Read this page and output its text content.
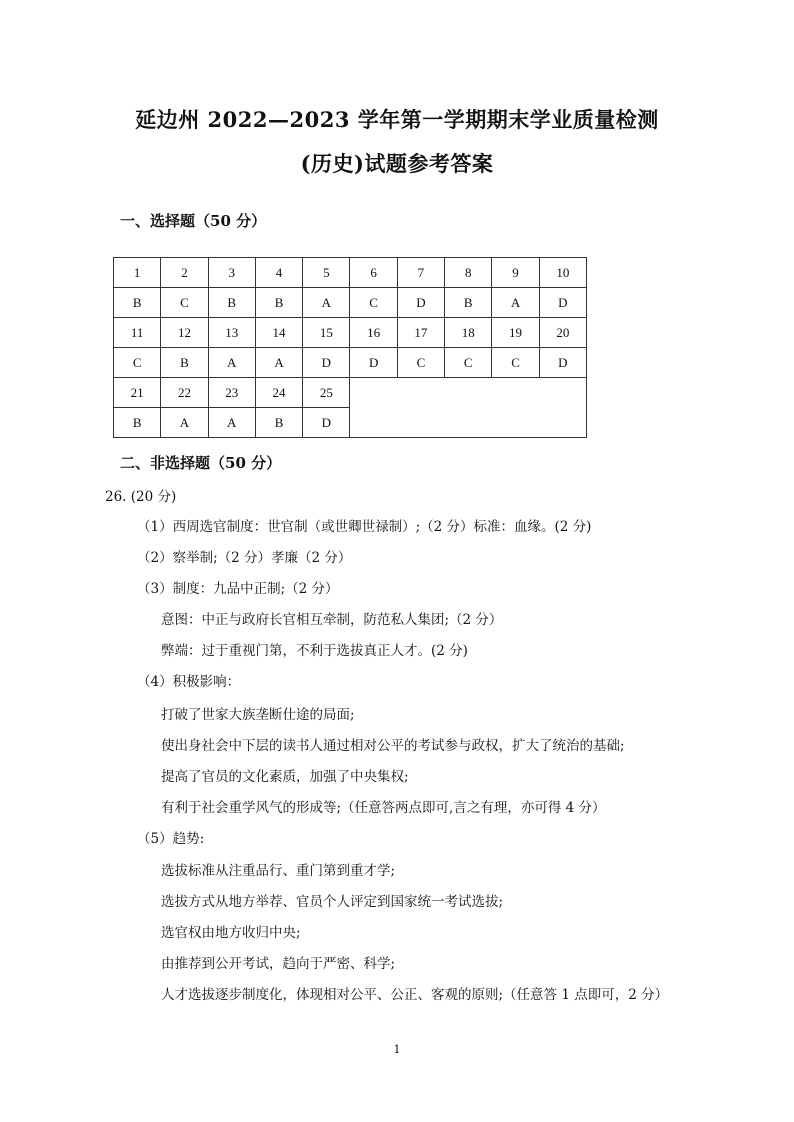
延边州 2022—2023 学年第一学期期末学业质量检测
(历史)试题参考答案
一、选择题（50 分）
1	2	3	4	5	6	7	8	9	10
B	C	B	B	A	C	D	B	A	D
11	12	13	14	15	16	17	18	19	20
C	B	A	A	D	D	C	C	C	D
21	22	23	24	25					
B	A	A	B	D					
二、非选择题（50 分）
26. (20 分)
（1）西周选官制度：世官制（或世卿世禄制）;（2 分）标准：血缘。(2 分)
（2）察举制;（2 分）孝廉（2 分）
（3）制度：九品中正制;（2 分）
意图：中正与政府长官相互牵制，防范私人集团;（2 分）
弊端：过于重视门第，不利于选拔真正人才。(2 分)
（4）积极影响：
打破了世家大族垄断仕途的局面;
使出身社会中下层的读书人通过相对公平的考试参与政权，扩大了统治的基础;
提高了官员的文化素质，加强了中央集权;
有利于社会重学风气的形成等;（任意答两点即可,言之有理，亦可得 4 分）
（5）趋势:
选拔标准从注重品行、重门第到重才学;
选拔方式从地方举荐、官员个人评定到国家统一考试选拔;
选官权由地方收归中央;
由推荐到公开考试，趋向于严密、科学;
人才选拔逐步制度化，体现相对公平、公正、客观的原则;（任意答 1 点即可，2 分）
1
